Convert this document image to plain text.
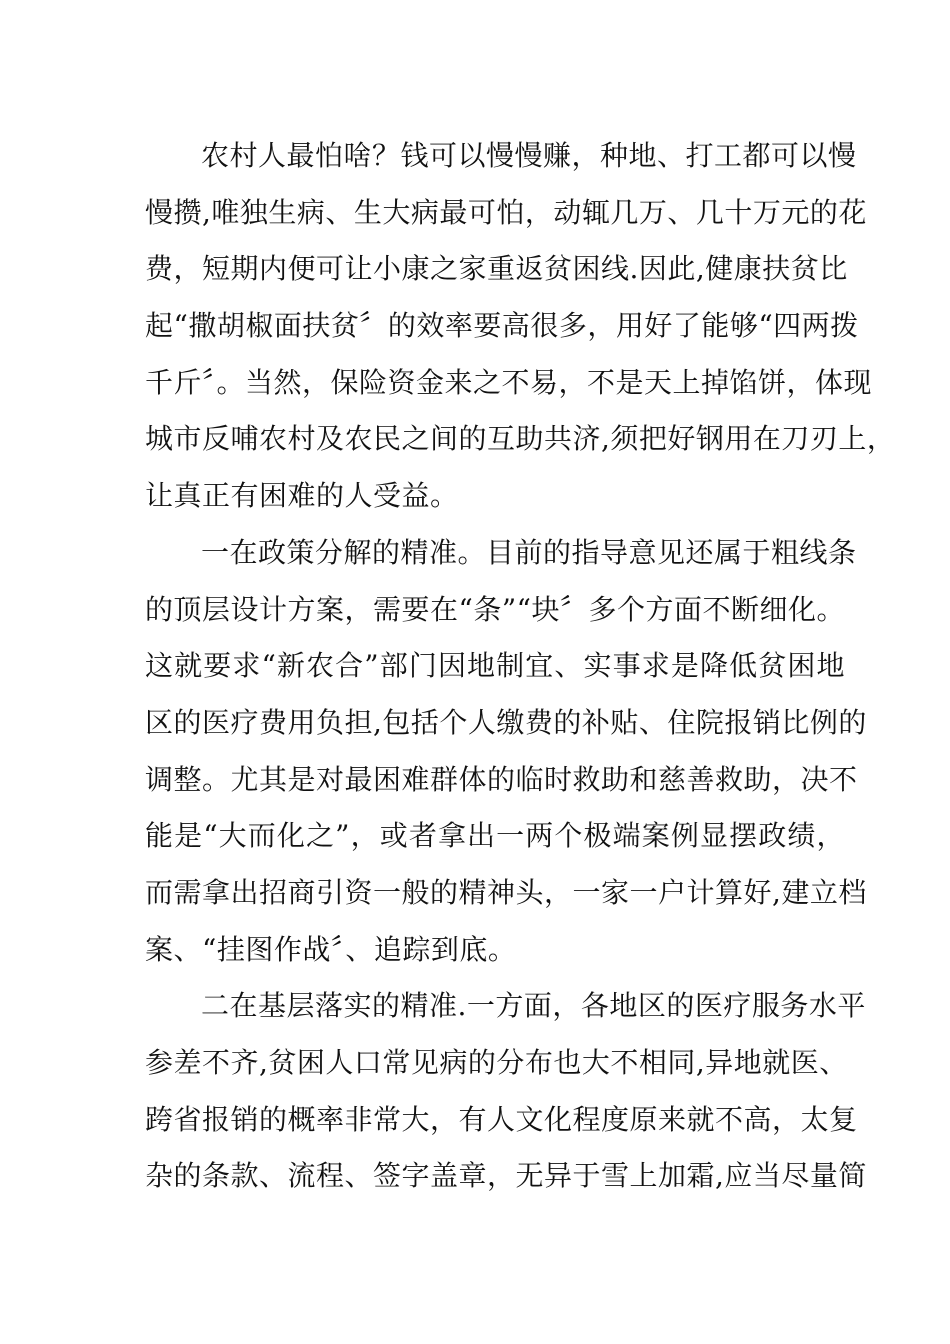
农村人最怕啥？钱可以慢慢赚，种地、打工都可以慢
慢攒,唯独生病、生大病最可怕，动辄几万、几十万元的花
费，短期内便可让小康之家重返贫困线.因此,健康扶贫比
起“撒胡椒面扶贫〞的效率要高很多，用好了能够“四两拨
千斤〞。当然，保险资金来之不易，不是天上掉馅饼，体现
城市反哺农村及农民之间的互助共济,须把好钢用在刀刃上，
让真正有困难的人受益。
一在政策分解的精准。目前的指导意见还属于粗线条
的顶层设计方案，需要在“条”“块〞多个方面不断细化。
这就要求“新农合”部门因地制宜、实事求是降低贫困地
区的医疗费用负担,包括个人缴费的补贴、住院报销比例的
调整。尤其是对最困难群体的临时救助和慈善救助，决不
能是“大而化之”，或者拿出一两个极端案例显摆政绩，
而需拿出招商引资一般的精神头，一家一户计算好,建立档
案、“挂图作战〞、追踪到底。
二在基层落实的精准.一方面，各地区的医疗服务水平
参差不齐,贫困人口常见病的分布也大不相同,异地就医、
跨省报销的概率非常大，有人文化程度原来就不高，太复
杂的条款、流程、签字盖章，无异于雪上加霜,应当尽量简
